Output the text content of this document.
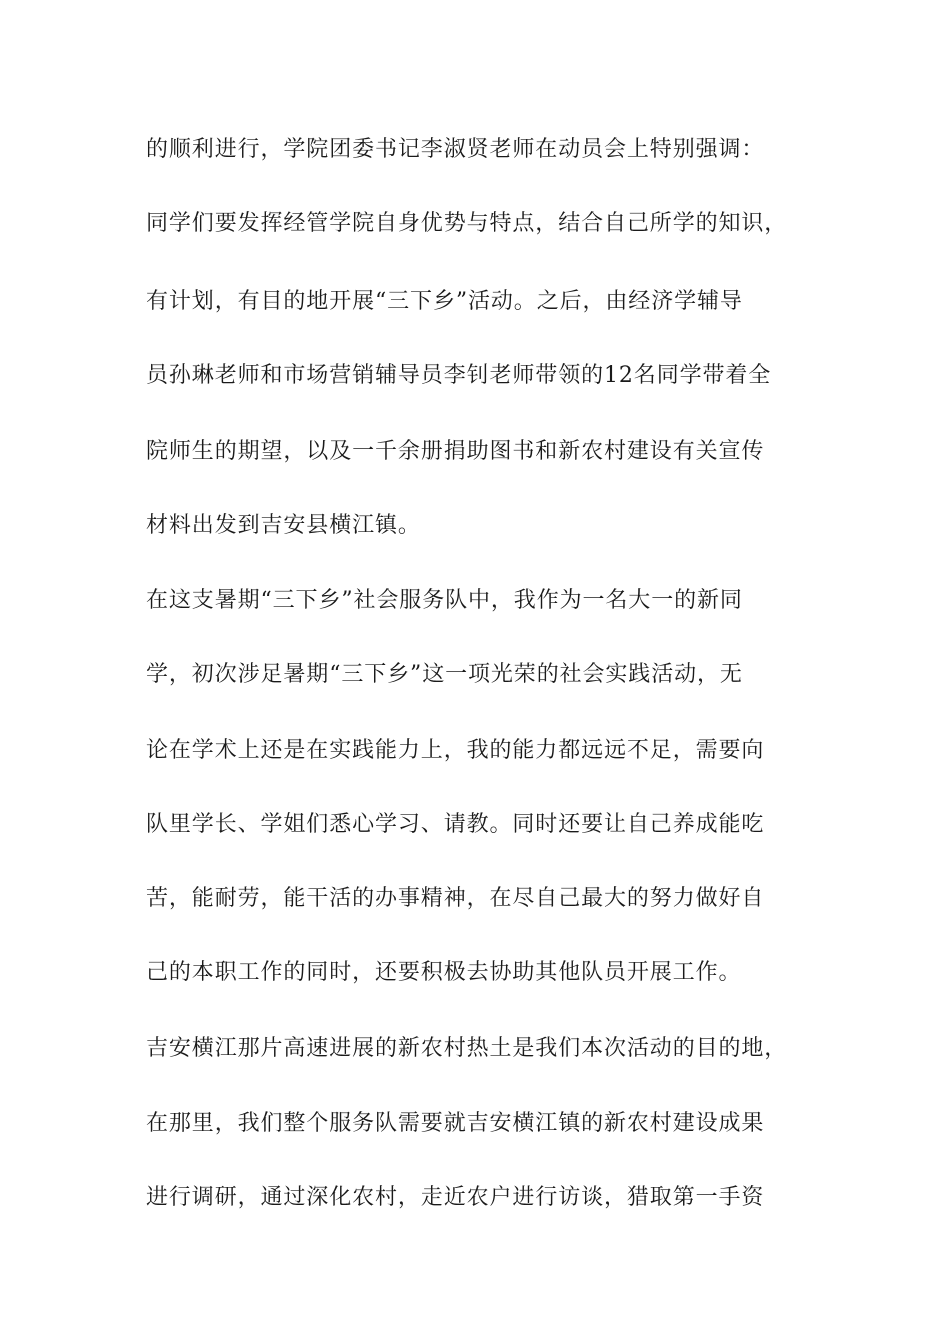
的顺利进行，学院团委书记李淑贤老师在动员会上特别强调：
同学们要发挥经管学院自身优势与特点，结合自己所学的知识，
有计划，有目的地开展“三下乡”活动。之后，由经济学辅导
员孙琳老师和市场营销辅导员李钊老师带领的12名同学带着全
院师生的期望，以及一千余册捐助图书和新农村建设有关宣传
材料出发到吉安县横江镇。
在这支暑期“三下乡”社会服务队中，我作为一名大一的新同
学，初次涉足暑期“三下乡”这一项光荣的社会实践活动，无
论在学术上还是在实践能力上，我的能力都远远不足，需要向
队里学长、学姐们悉心学习、请教。同时还要让自己养成能吃
苦，能耐劳，能干活的办事精神，在尽自己最大的努力做好自
己的本职工作的同时，还要积极去协助其他队员开展工作。
吉安横江那片高速进展的新农村热土是我们本次活动的目的地，
在那里，我们整个服务队需要就吉安横江镇的新农村建设成果
进行调研，通过深化农村，走近农户进行访谈，猎取第一手资
